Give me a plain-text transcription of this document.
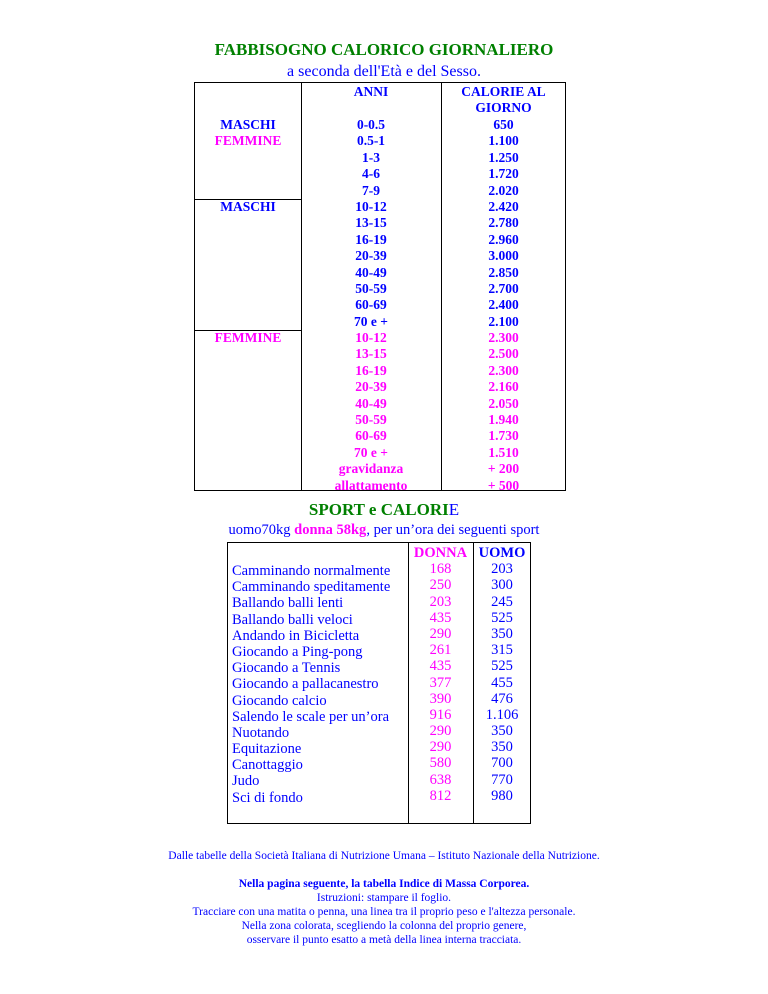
FABBISOGNO CALORICO GIORNALIERO
a seconda dell'Età e del Sesso.
ANNI	CALORIE AL
GIORNO
MASCHI
FEMMINE
MASCHI
FEMMINE
0-0.5
0.5-1
1-3
4-6
7-9
10-12
13-15
16-19
20-39
40-49
50-59
60-69
70 e +
10-12
13-15
16-19
20-39
40-49
50-59
60-69
70 e +
gravidanza
allattamento
650
1.100
1.250
1.720
2.020
2.420
2.780
2.960
3.000
2.850
2.700
2.400
2.100
2.300
2.500
2.300
2.160
2.050
1.940
1.730
1.510
+ 200
+ 500
SPORT e CALORIE
uomo70kg donna 58kg, per un’ora dei seguenti sport
Camminando normalmente
Camminando speditamente
Ballando balli lenti
Ballando balli veloci
Andando in Bicicletta
Giocando a Ping-pong
Giocando a Tennis
Giocando a pallacanestro
Giocando calcio
Salendo le scale per un’ora
Nuotando
Equitazione
Canottaggio
Judo
Sci di fondo
DONNA
168
250
203
435
290
261
435
377
390
916
290
290
580
638
812
UOMO
203
300
245
525
350
315
525
455
476
1.106
350
350
700
770
980
Dalle tabelle della Società Italiana di Nutrizione Umana – Istituto Nazionale della Nutrizione.
Nella pagina seguente, la tabella Indice di Massa Corporea.
Istruzioni: stampare il foglio.
Tracciare con una matita o penna, una linea tra il proprio peso e l'altezza personale.
Nella zona colorata, scegliendo la colonna del proprio genere,
osservare il punto esatto a metà della linea interna tracciata.
